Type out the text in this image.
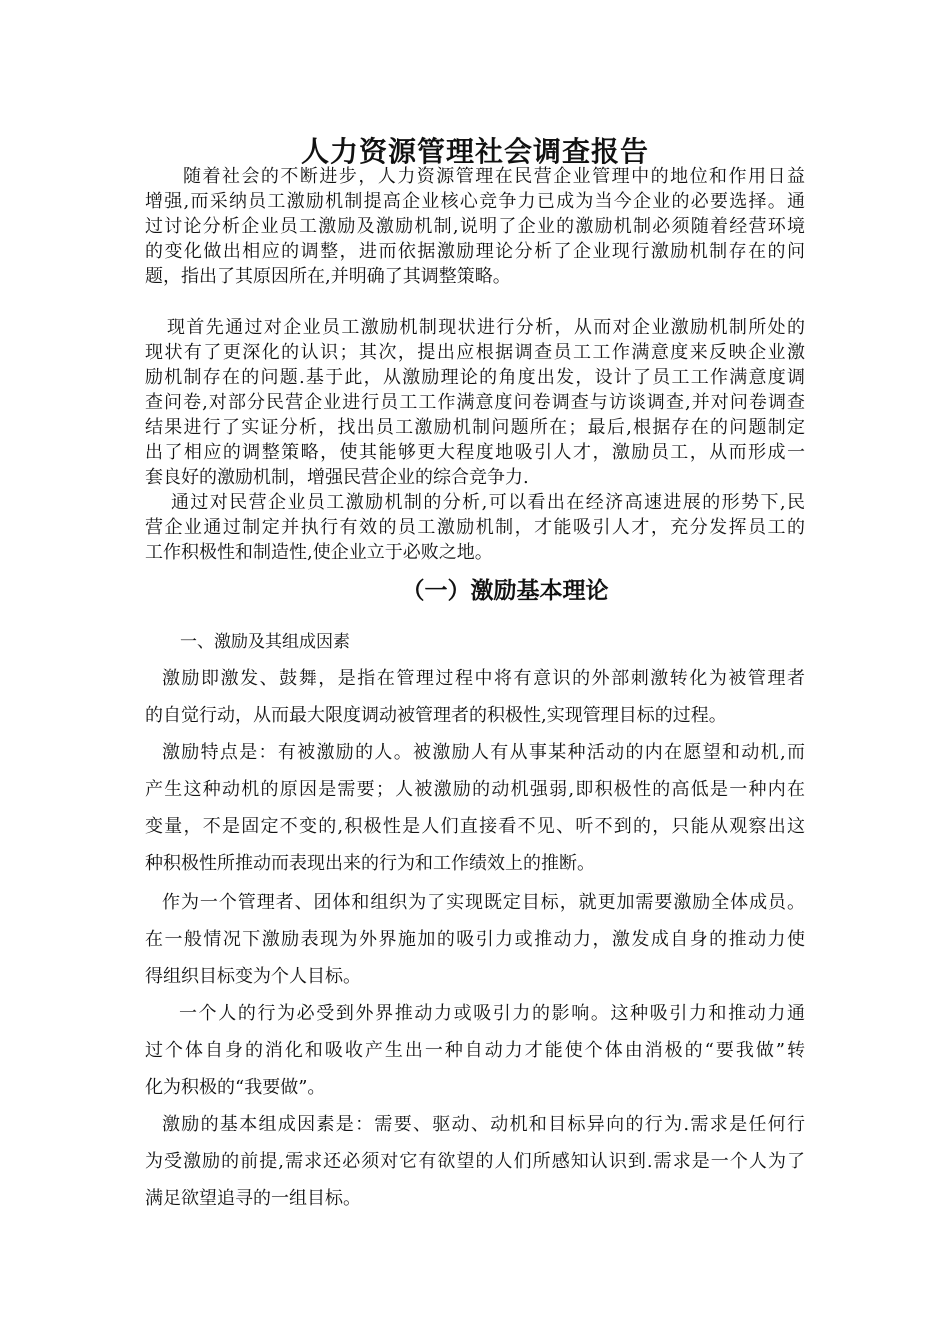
人力资源管理社会调查报告
随着社会的不断进步，人力资源管理在民营企业管理中的地位和作用日益
增强,而采纳员工激励机制提高企业核心竞争力已成为当今企业的必要选择。通
过讨论分析企业员工激励及激励机制,说明了企业的激励机制必须随着经营环境
的变化做出相应的调整，进而依据激励理论分析了企业现行激励机制存在的问
题，指出了其原因所在,并明确了其调整策略。
现首先通过对企业员工激励机制现状进行分析，从而对企业激励机制所处的
现状有了更深化的认识；其次，提出应根据调查员工工作满意度来反映企业激
励机制存在的问题.基于此，从激励理论的角度出发，设计了员工工作满意度调
查问卷,对部分民营企业进行员工工作满意度问卷调查与访谈调查,并对问卷调查
结果进行了实证分析，找出员工激励机制问题所在；最后,根据存在的问题制定
出了相应的调整策略，使其能够更大程度地吸引人才，激励员工，从而形成一
套良好的激励机制，增强民营企业的综合竞争力.
通过对民营企业员工激励机制的分析,可以看出在经济高速进展的形势下,民
营企业通过制定并执行有效的员工激励机制，才能吸引人才，充分发挥员工的
工作积极性和制造性,使企业立于必败之地。
（一）激励基本理论
一、激励及其组成因素
激励即激发、鼓舞，是指在管理过程中将有意识的外部刺激转化为被管理者
的自觉行动，从而最大限度调动被管理者的积极性,实现管理目标的过程。
激励特点是：有被激励的人。被激励人有从事某种活动的内在愿望和动机,而
产生这种动机的原因是需要；人被激励的动机强弱,即积极性的高低是一种内在
变量，不是固定不变的,积极性是人们直接看不见、听不到的，只能从观察出这
种积极性所推动而表现出来的行为和工作绩效上的推断。
作为一个管理者、团体和组织为了实现既定目标，就更加需要激励全体成员。
在一般情况下激励表现为外界施加的吸引力或推动力，激发成自身的推动力使
得组织目标变为个人目标。
一个人的行为必受到外界推动力或吸引力的影响。这种吸引力和推动力通
过个体自身的消化和吸收产生出一种自动力才能使个体由消极的“要我做”转
化为积极的“我要做”。
激励的基本组成因素是：需要、驱动、动机和目标异向的行为.需求是任何行
为受激励的前提,需求还必须对它有欲望的人们所感知认识到.需求是一个人为了
满足欲望追寻的一组目标。
